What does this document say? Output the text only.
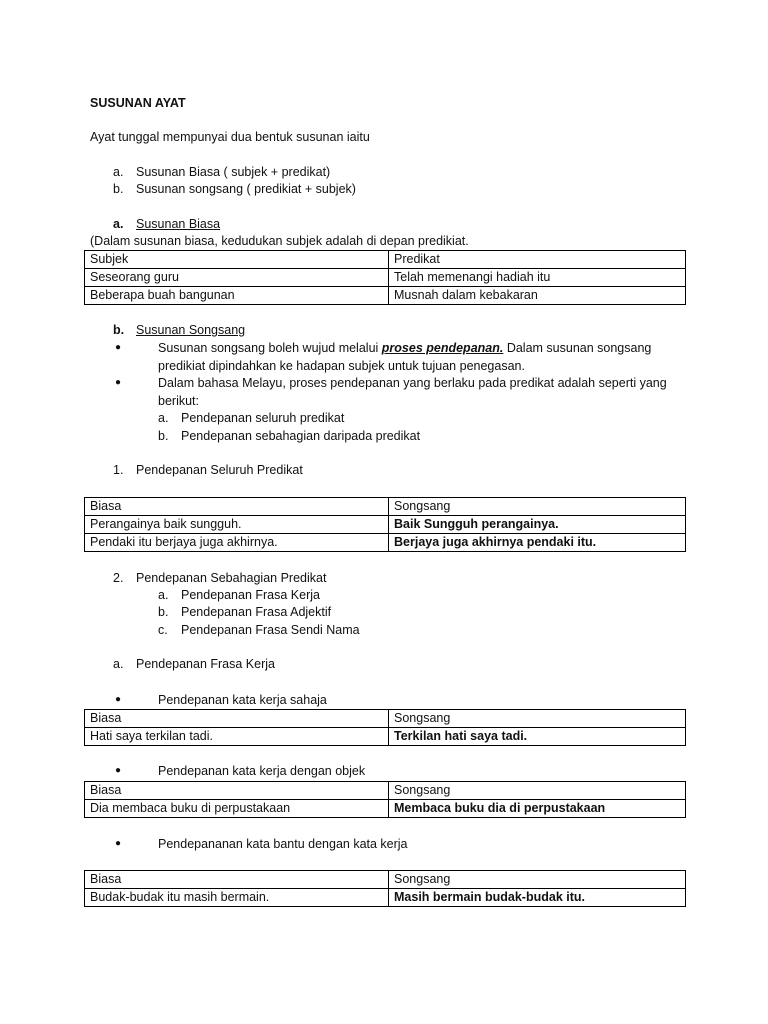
SUSUNAN AYAT
Ayat tunggal mempunyai dua bentuk susunan iaitu
a. Susunan Biasa ( subjek + predikat)
b. Susunan songsang ( predikiat + subjek)
a. Susunan Biasa
(Dalam susunan biasa, kedudukan subjek adalah di depan predikiat.
Subjek	Predikat
Seseorang guru	Telah memenangi hadiah itu
Beberapa buah bangunan	Musnah dalam kebakaran
b. Susunan Songsang
●	Susunan songsang boleh wujud melalui proses pendepanan. Dalam susunan songsang
predikiat dipindahkan ke hadapan subjek untuk tujuan penegasan.
●	Dalam bahasa Melayu, proses pendepanan yang berlaku pada predikat adalah seperti yang
berikut:
a. Pendepanan seluruh predikat
b. Pendepanan sebahagian daripada predikat
1. Pendepanan Seluruh Predikat
Biasa	Songsang
Perangainya baik sungguh.	Baik Sungguh perangainya.
Pendaki itu berjaya juga akhirnya.	Berjaya juga akhirnya pendaki itu.
2. Pendepanan Sebahagian Predikat
a. Pendepanan Frasa Kerja
b. Pendepanan Frasa Adjektif
c. Pendepanan Frasa Sendi Nama
a. Pendepanan Frasa Kerja
●	Pendepanan kata kerja sahaja
Biasa	Songsang
Hati saya terkilan tadi.	Terkilan hati saya tadi.
●	Pendepanan kata kerja dengan objek
Biasa	Songsang
Dia membaca buku di perpustakaan	Membaca buku dia di perpustakaan
●	Pendepananan kata bantu dengan kata kerja
Biasa	Songsang
Budak-budak itu masih bermain.	Masih bermain budak-budak itu.
